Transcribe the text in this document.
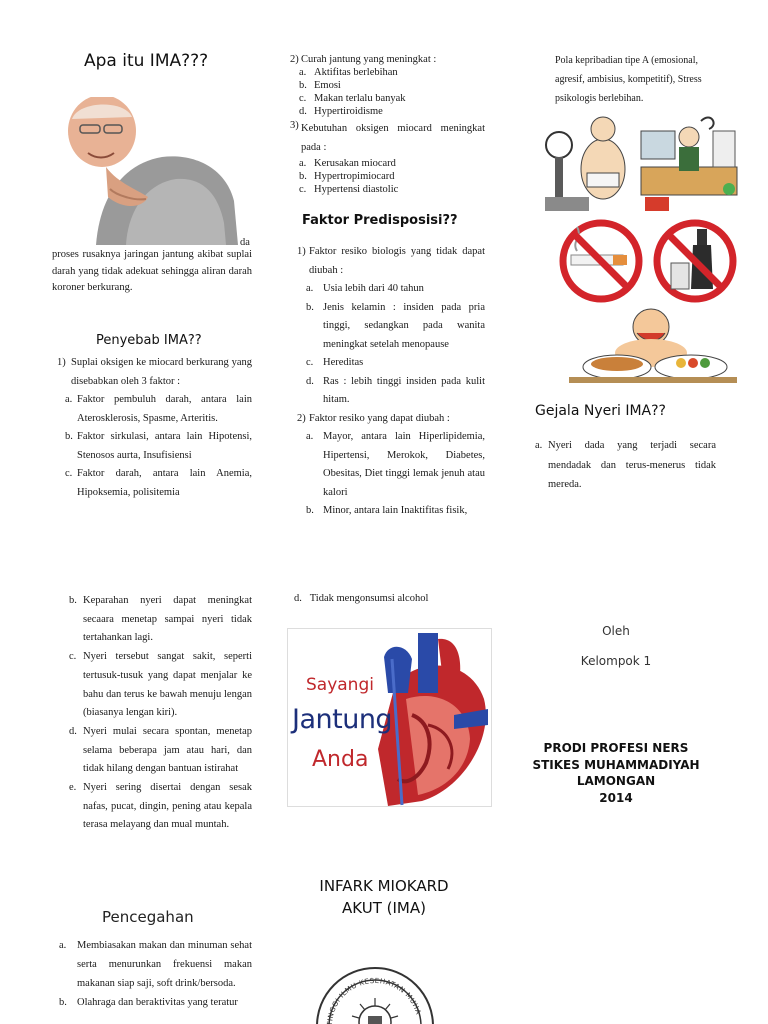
Apa itu IMA???
da
proses rusaknya jaringan jantung akibat suplai darah yang tidak adekuat sehingga aliran darah koroner berkurang.
Penyebab IMA??
1) Suplai oksigen ke miocard berkurang yang disebabkan oleh 3 faktor :
a. Faktor pembuluh darah, antara lain Aterosklerosis, Spasme, Arteritis.
b. Faktor sirkulasi, antara lain Hipotensi, Stenosos aurta, Insufisiensi
c. Faktor darah, antara lain Anemia, Hipoksemia, polisitemia
2) Curah jantung yang meningkat :
a. Aktifitas berlebihan
b. Emosi
c. Makan terlalu banyak
d. Hypertiroidisme
3) Kebutuhan oksigen miocard meningkat pada :
a. Kerusakan miocard
b. Hypertropimiocard
c. Hypertensi diastolic
Faktor Predisposisi??
1) Faktor resiko biologis yang tidak dapat diubah :
a. Usia lebih dari 40 tahun
b. Jenis kelamin : insiden pada pria tinggi, sedangkan pada wanita meningkat setelah menopause
c. Hereditas
d. Ras : lebih tinggi insiden pada kulit hitam.
2) Faktor resiko yang dapat diubah :
a. Mayor, antara lain Hiperlipidemia, Hipertensi, Merokok, Diabetes, Obesitas, Diet tinggi lemak jenuh atau kalori
b. Minor, antara lain Inaktifitas fisik,
Pola kepribadian tipe A (emosional, agresif, ambisius, kompetitif), Stress psikologis berlebihan.
Gejala Nyeri IMA??
a. Nyeri dada yang terjadi secara mendadak dan terus-menerus tidak mereda.
b. Keparahan nyeri dapat meningkat secaara menetap sampai nyeri tidak tertahankan lagi.
c. Nyeri tersebut sangat sakit, seperti tertusuk-tusuk yang dapat menjalar ke bahu dan terus ke bawah menuju lengan (biasanya lengan kiri).
d. Nyeri mulai secara spontan, menetap selama beberapa jam atau hari, dan tidak hilang dengan bantuan istirahat
e. Nyeri sering disertai dengan sesak nafas, pucat, dingin, pening atau kepala terasa melayang dan mual muntah.
Pencegahan
a.	Membiasakan makan dan minuman sehat serta menurunkan frekuensi makan makanan siap saji, soft drink/bersoda.
b. Olahraga dan beraktivitas yang teratur
d. Tidak mengonsumsi alcohol
Sayangi
Jantung
Anda
INFARK MIOKARD
AKUT (IMA)
TINGGI ILMU KESEHATAN MUHA
Oleh
Kelompok 1
PRODI PROFESI NERS
STIKES MUHAMMADIYAH
LAMONGAN
2014
